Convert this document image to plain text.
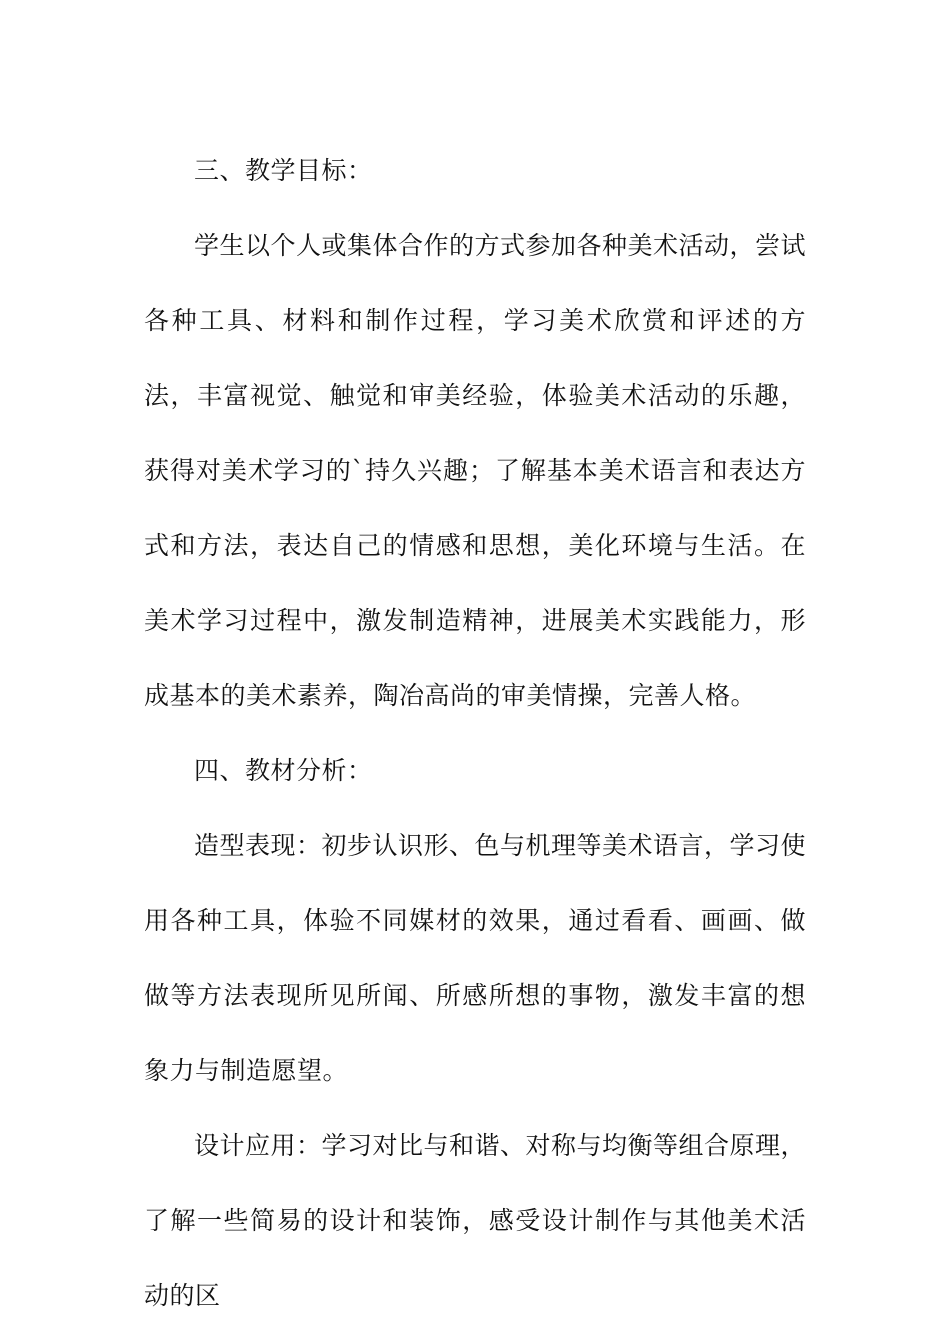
三、教学目标：

学生以个人或集体合作的方式参加各种美术活动，尝试各种工具、材料和制作过程，学习美术欣赏和评述的方法，丰富视觉、触觉和审美经验，体验美术活动的乐趣，获得对美术学习的`持久兴趣；了解基本美术语言和表达方式和方法，表达自己的情感和思想，美化环境与生活。在美术学习过程中，激发制造精神，进展美术实践能力，形成基本的美术素养，陶冶高尚的审美情操，完善人格。

四、教材分析：

造型表现：初步认识形、色与机理等美术语言，学习使用各种工具，体验不同媒材的效果，通过看看、画画、做做等方法表现所见所闻、所感所想的事物，激发丰富的想象力与制造愿望。

设计应用：学习对比与和谐、对称与均衡等组合原理，了解一些简易的设计和装饰，感受设计制作与其他美术活动的区
